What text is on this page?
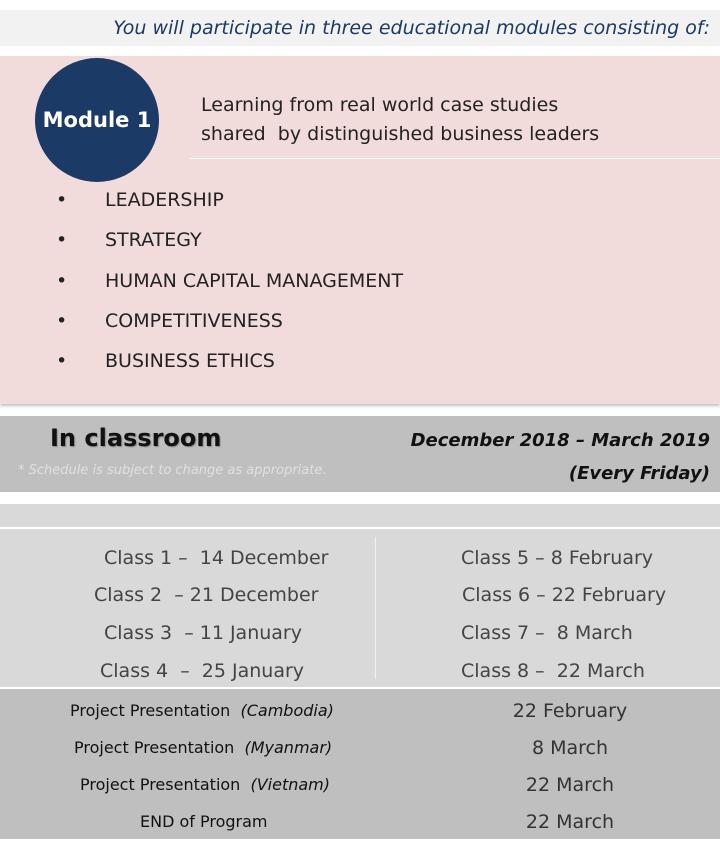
You will participate in three educational modules consisting of:
Module 1
Learning from real world case studies
shared  by distinguished business leaders
• LEADERSHIP
• STRATEGY
• HUMAN CAPITAL MANAGEMENT
• COMPETITIVENESS
• BUSINESS ETHICS
In classroom
* Schedule is subject to change as appropriate.
December 2018 – March 2019
(Every Friday)
Class 1 –  14 December
Class 2  – 21 December
Class 3  – 11 January
Class 4  –  25 January
Class 5 – 8 February
Class 6 – 22 February
Class 7 –  8 March
Class 8 –  22 March
Project Presentation (Cambodia)	22 February
Project Presentation (Myanmar)	8 March
Project Presentation (Vietnam)	22 March
END of Program	22 March
